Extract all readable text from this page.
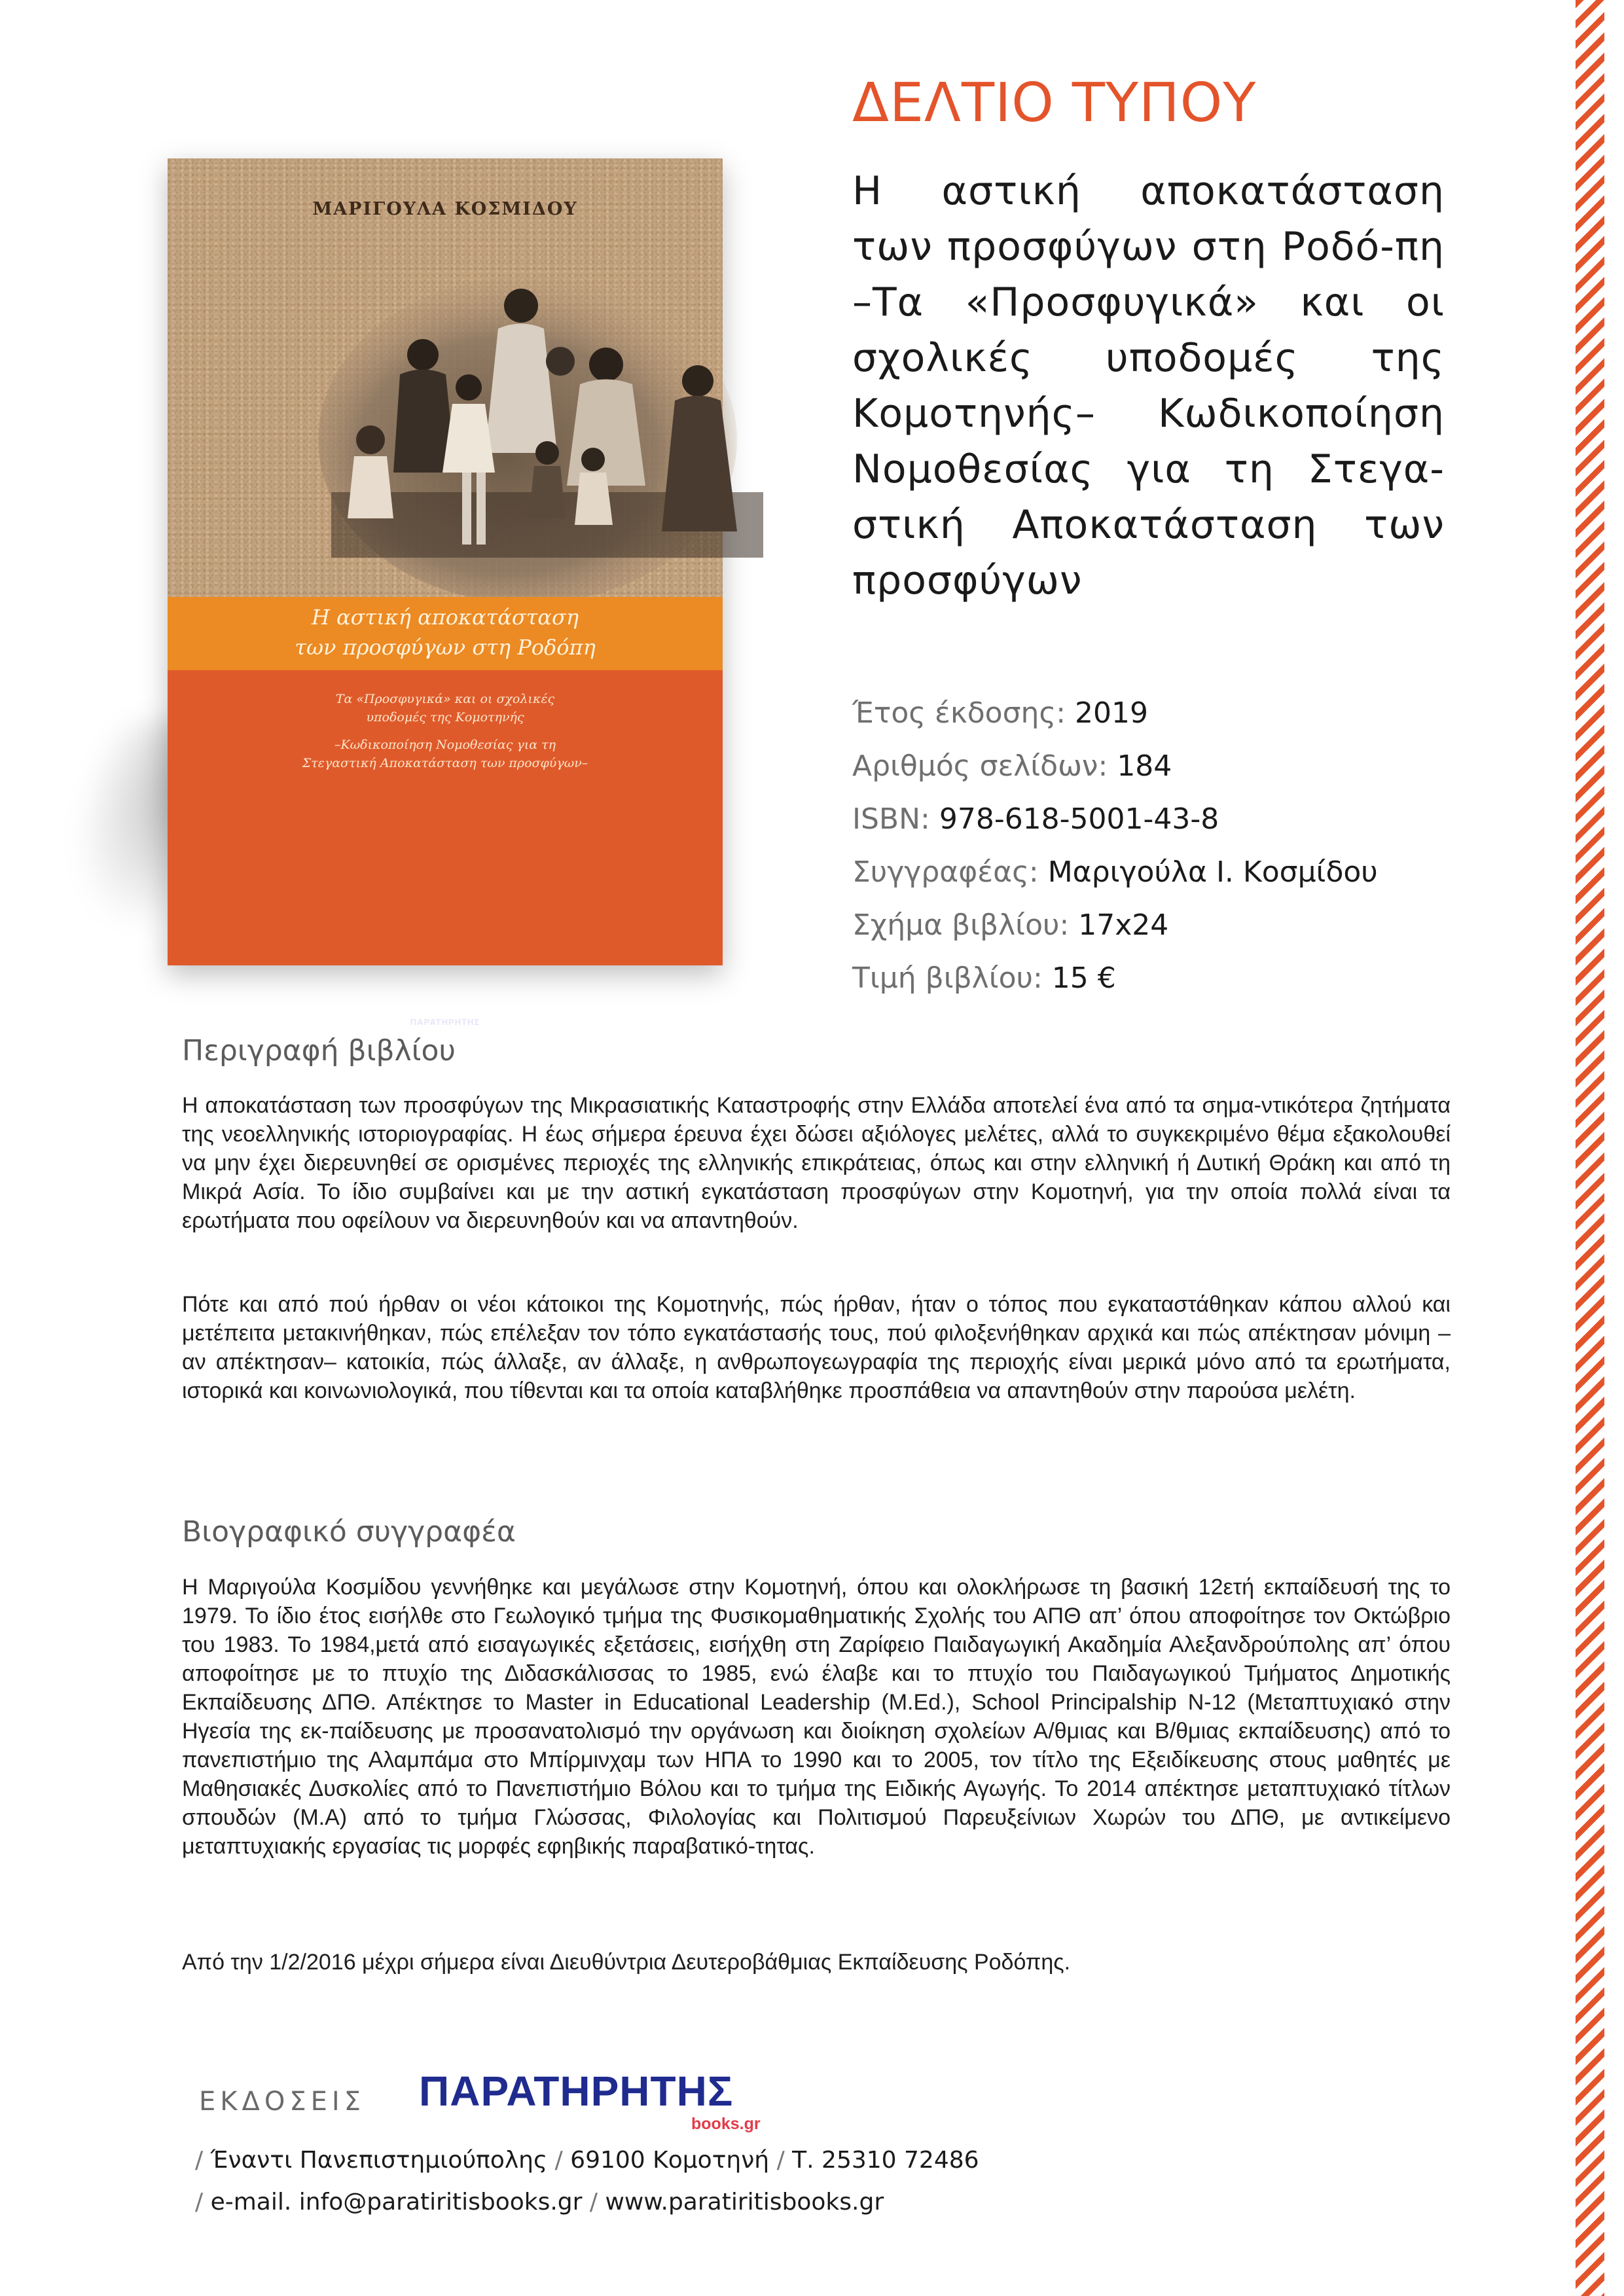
ΜΑΡΙΓΟΥΛΑ ΚΟΣΜΙΔΟΥ
Η αστική αποκατάσταση
των προσφύγων στη Ροδόπη
Τα «Προσφυγικά» και οι σχολικές
υποδομές της Κομοτηνής
–Κωδικοποίηση Νομοθεσίας για τη
Στεγαστική Αποκατάσταση των προσφύγων–
ΠΑΡΑΤΗΡΗΤΗΣ
ΔΕΛΤΙΟ ΤΥΠΟΥ

Η αστική αποκατάσταση των προσφύγων στη Ροδό-πη –Τα «Προσφυγικά» και οι σχολικές υποδομές της Κομοτηνής– Κωδικοποίηση Νομοθεσίας για τη Στεγα-στική Αποκατάσταση των προσφύγων

Έτος έκδοσης: 2019
Αριθμός σελίδων: 184
ISBN: 978-618-5001-43-8
Συγγραφέας: Μαριγούλα Ι. Κοσμίδου
Σχήμα βιβλίου: 17x24
Τιμή βιβλίου: 15 €
Περιγραφή βιβλίου

Η αποκατάσταση των προσφύγων της Μικρασιατικής Καταστροφής στην Ελλάδα αποτελεί ένα από τα σημα-ντικότερα ζητήματα της νεοελληνικής ιστοριογραφίας. Η έως σήμερα έρευνα έχει δώσει αξιόλογες μελέτες, αλλά το συγκεκριμένο θέμα εξακολουθεί να μην έχει διερευνηθεί σε ορισμένες περιοχές της ελληνικής επικράτειας, όπως και στην ελληνική ή Δυτική Θράκη και από τη Μικρά Ασία. Το ίδιο συμβαίνει και με την αστική εγκατάσταση προσφύγων στην Κομοτηνή, για την οποία πολλά είναι τα ερωτήματα που οφείλουν να διερευνηθούν και να απαντηθούν.

Πότε και από πού ήρθαν οι νέοι κάτοικοι της Κομοτηνής, πώς ήρθαν, ήταν ο τόπος που εγκαταστάθηκαν κάπου αλλού και μετέπειτα μετακινήθηκαν, πώς επέλεξαν τον τόπο εγκατάστασής τους, πού φιλοξενήθηκαν αρχικά και πώς απέκτησαν μόνιμη –αν απέκτησαν– κατοικία, πώς άλλαξε, αν άλλαξε, η ανθρωπογεωγραφία της περιοχής είναι μερικά μόνο από τα ερωτήματα, ιστορικά και κοινωνιολογικά, που τίθενται και τα οποία καταβλήθηκε προσπάθεια να απαντηθούν στην παρούσα μελέτη.

Βιογραφικό συγγραφέα

Η Μαριγούλα Κοσμίδου γεννήθηκε και μεγάλωσε στην Κομοτηνή, όπου και ολοκλήρωσε τη βασική 12ετή εκπαίδευσή της το 1979. Το ίδιο έτος εισήλθε στο Γεωλογικό τμήμα της Φυσικομαθηματικής Σχολής του ΑΠΘ απ’ όπου αποφοίτησε τον Οκτώβριο του 1983. Το 1984,μετά από εισαγωγικές εξετάσεις, εισήχθη στη Ζαρίφειο Παιδαγωγική Ακαδημία Αλεξανδρούπολης απ’ όπου αποφοίτησε με το πτυχίο της Διδασκάλισσας το 1985, ενώ έλαβε και το πτυχίο του Παιδαγωγικού Τμήματος Δημοτικής Εκπαίδευσης ΔΠΘ. Απέκτησε το Master in Educational Leadership (M.Ed.), School Principalship N-12 (Μεταπτυχιακό στην Ηγεσία της εκ-παίδευσης με προσανατολισμό την οργάνωση και διοίκηση σχολείων Α/θμιας και Β/θμιας εκπαίδευσης) από το πανεπιστήμιο της Αλαμπάμα στο Μπίρμινχαμ των ΗΠΑ το 1990 και το 2005, τον τίτλο της Εξειδίκευσης στους μαθητές με Μαθησιακές Δυσκολίες από το Πανεπιστήμιο Βόλου και το τμήμα της Ειδικής Αγωγής. Το 2014 απέκτησε μεταπτυχιακό τίτλων σπουδών (Μ.Α) από το τμήμα Γλώσσας, Φιλολογίας και Πολιτισμού Παρευξείνιων Χωρών του ΔΠΘ, με αντικείμενο μεταπτυχιακής εργασίας τις μορφές εφηβικής παραβατικό-τητας.

Από την 1/2/2016 μέχρι σήμερα είναι Διευθύντρια Δευτεροβάθμιας Εκπαίδευσης Ροδόπης.

ΕΚΔΟΣΕΙΣ ΠΑΡΑΤΗΡΗΤΗΣ
books.gr
/ Έναντι Πανεπιστημιούπολης / 69100 Κομοτηνή / Τ. 25310 72486
/ e-mail. info@paratiritisbooks.gr / www.paratiritisbooks.gr
